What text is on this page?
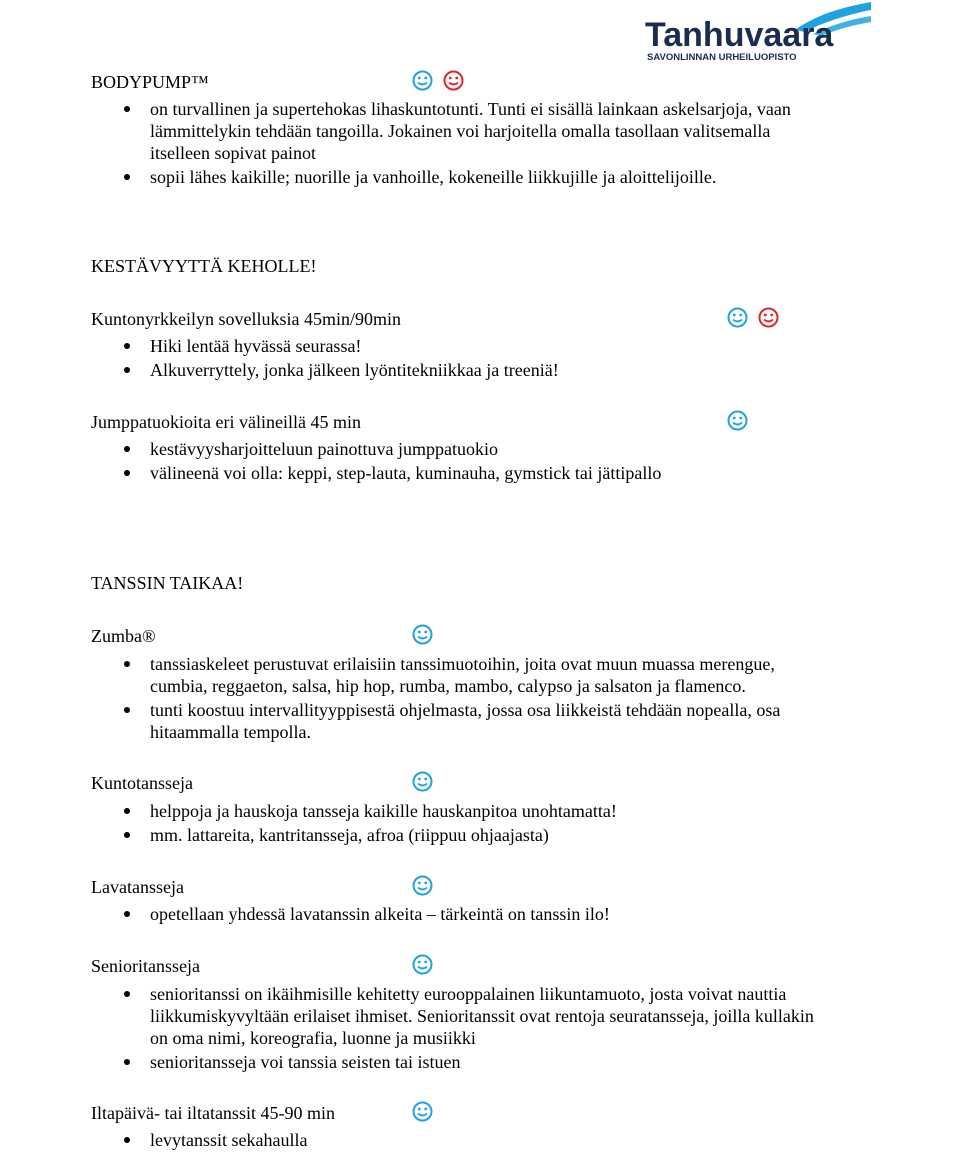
Tanhuvaara
SAVONLINNAN URHEILUOPISTO
BODYPUMP™
on turvallinen ja supertehokas lihaskuntotunti. Tunti ei sisällä lainkaan askelsarjoja, vaan
lämmittelykin tehdään tangoilla. Jokainen voi harjoitella omalla tasollaan valitsemalla
itselleen sopivat painot
sopii lähes kaikille; nuorille ja vanhoille, kokeneille liikkujille ja aloittelijoille.
KESTÄVYYTTÄ KEHOLLE!
Kuntonyrkkeilyn sovelluksia 45min/90min
Hiki lentää hyvässä seurassa!
Alkuverryttely, jonka jälkeen lyöntitekniikkaa ja treeniä!
Jumppatuokioita eri välineillä 45 min
kestävyysharjoitteluun painottuva jumppatuokio
välineenä voi olla: keppi, step-lauta, kuminauha, gymstick tai jättipallo
TANSSIN TAIKAA!
Zumba®
tanssiaskeleet perustuvat erilaisiin tanssimuotoihin, joita ovat muun muassa merengue,
cumbia, reggaeton, salsa, hip hop, rumba, mambo, calypso ja salsaton ja flamenco.
tunti koostuu intervallityyppisestä ohjelmasta, jossa osa liikkeistä tehdään nopealla, osa
hitaammalla tempolla.
Kuntotansseja
helppoja ja hauskoja tansseja kaikille hauskanpitoa unohtamatta!
mm. lattareita, kantritansseja, afroa (riippuu ohjaajasta)
Lavatansseja
opetellaan yhdessä lavatanssin alkeita – tärkeintä on tanssin ilo!
Senioritansseja
senioritanssi on ikäihmisille kehitetty eurooppalainen liikuntamuoto, josta voivat nauttia
liikkumiskyvyltään erilaiset ihmiset. Senioritanssit ovat rentoja seuratansseja, joilla kullakin
on oma nimi, koreografia, luonne ja musiikki
senioritansseja voi tanssia seisten tai istuen
Iltapäivä- tai iltatanssit 45-90 min
levytanssit sekahaulla
